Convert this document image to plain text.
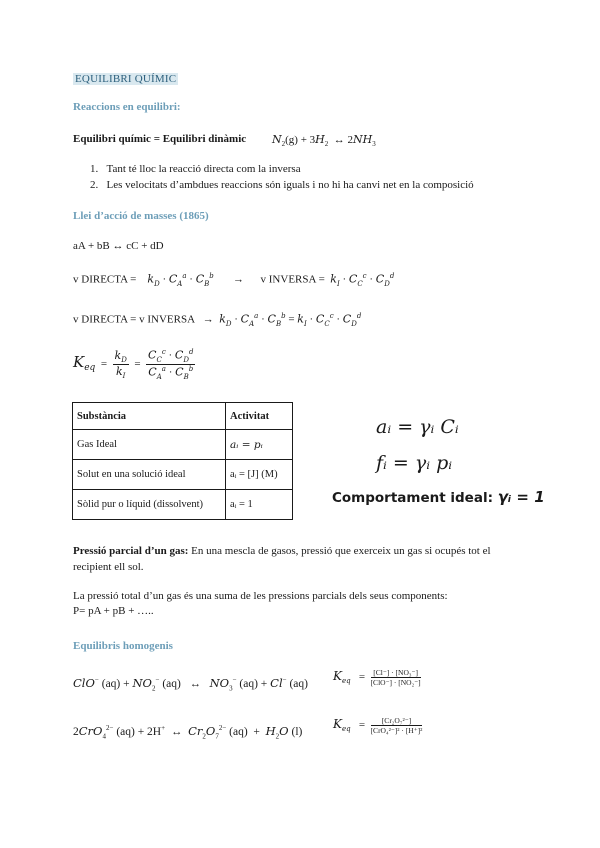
EQUILIBRI QUÍMIC
Reaccions en equilibri:
Equilibri químic = Equilibri dinàmic $N_2(g) + 3H_2$  ↔ $2NH_3$
1.   Tant té lloc la reacció directa com la inversa
2.   Les velocitats d’ambdues reaccions són iguals i no hi ha canvi net en la composició
Llei d’acció de masses (1865)
aA + bB ↔ cC + dD
v DIRECTA = $k_D \cdot C_A^a \cdot C_B^b$       →      v INVERSA = $k_I \cdot C_C^c \cdot C_D^d$
v DIRECTA = v INVERSA   →  $k_D \cdot C_A^a \cdot C_B^b = k_I \cdot C_C^c \cdot C_D^d$
$K_{eq} = \frac{k_D}{k_I} = \frac{C_C^c \cdot C_D^d}{C_A^a \cdot C_B^b}$
Substància	Activitat
Gas Ideal	aᵢ = pᵢ
Solut en una solució ideal	aᵢ = [J] (M)
Sòlid pur o líquid (dissolvent)	aᵢ = 1
aᵢ = γᵢ Cᵢ
fᵢ = γᵢ pᵢ
Comportament ideal: γᵢ = 1
Pressió parcial d’un gas: En una mescla de gasos, pressió que exerceix un gas si ocupés tot el
recipient ell sol.
La pressió total d’un gas és una suma de les pressions parcials dels seus components:
P= pA + pB + …..
Equilibris homogenis
ClO− $(aq) + NO_2^-$ (aq)   ↔   $NO_3^-$ (aq) + Cl− (aq)
$K_{eq} = \frac{\text{[Cl⁻] · [NO₃⁻]}}{\text{[ClO⁻] · [NO₂⁻]}}$
2CrO$_4^{2-}$ (aq) + 2H+  ↔  $Cr_2O_7^{2-}$ $(aq) + H_2O$ (l)
$K_{eq} = \frac{\text{[Cr₂O₇²⁻]}}{\text{[CrO₄²⁻]² · [H⁺]²}}$
